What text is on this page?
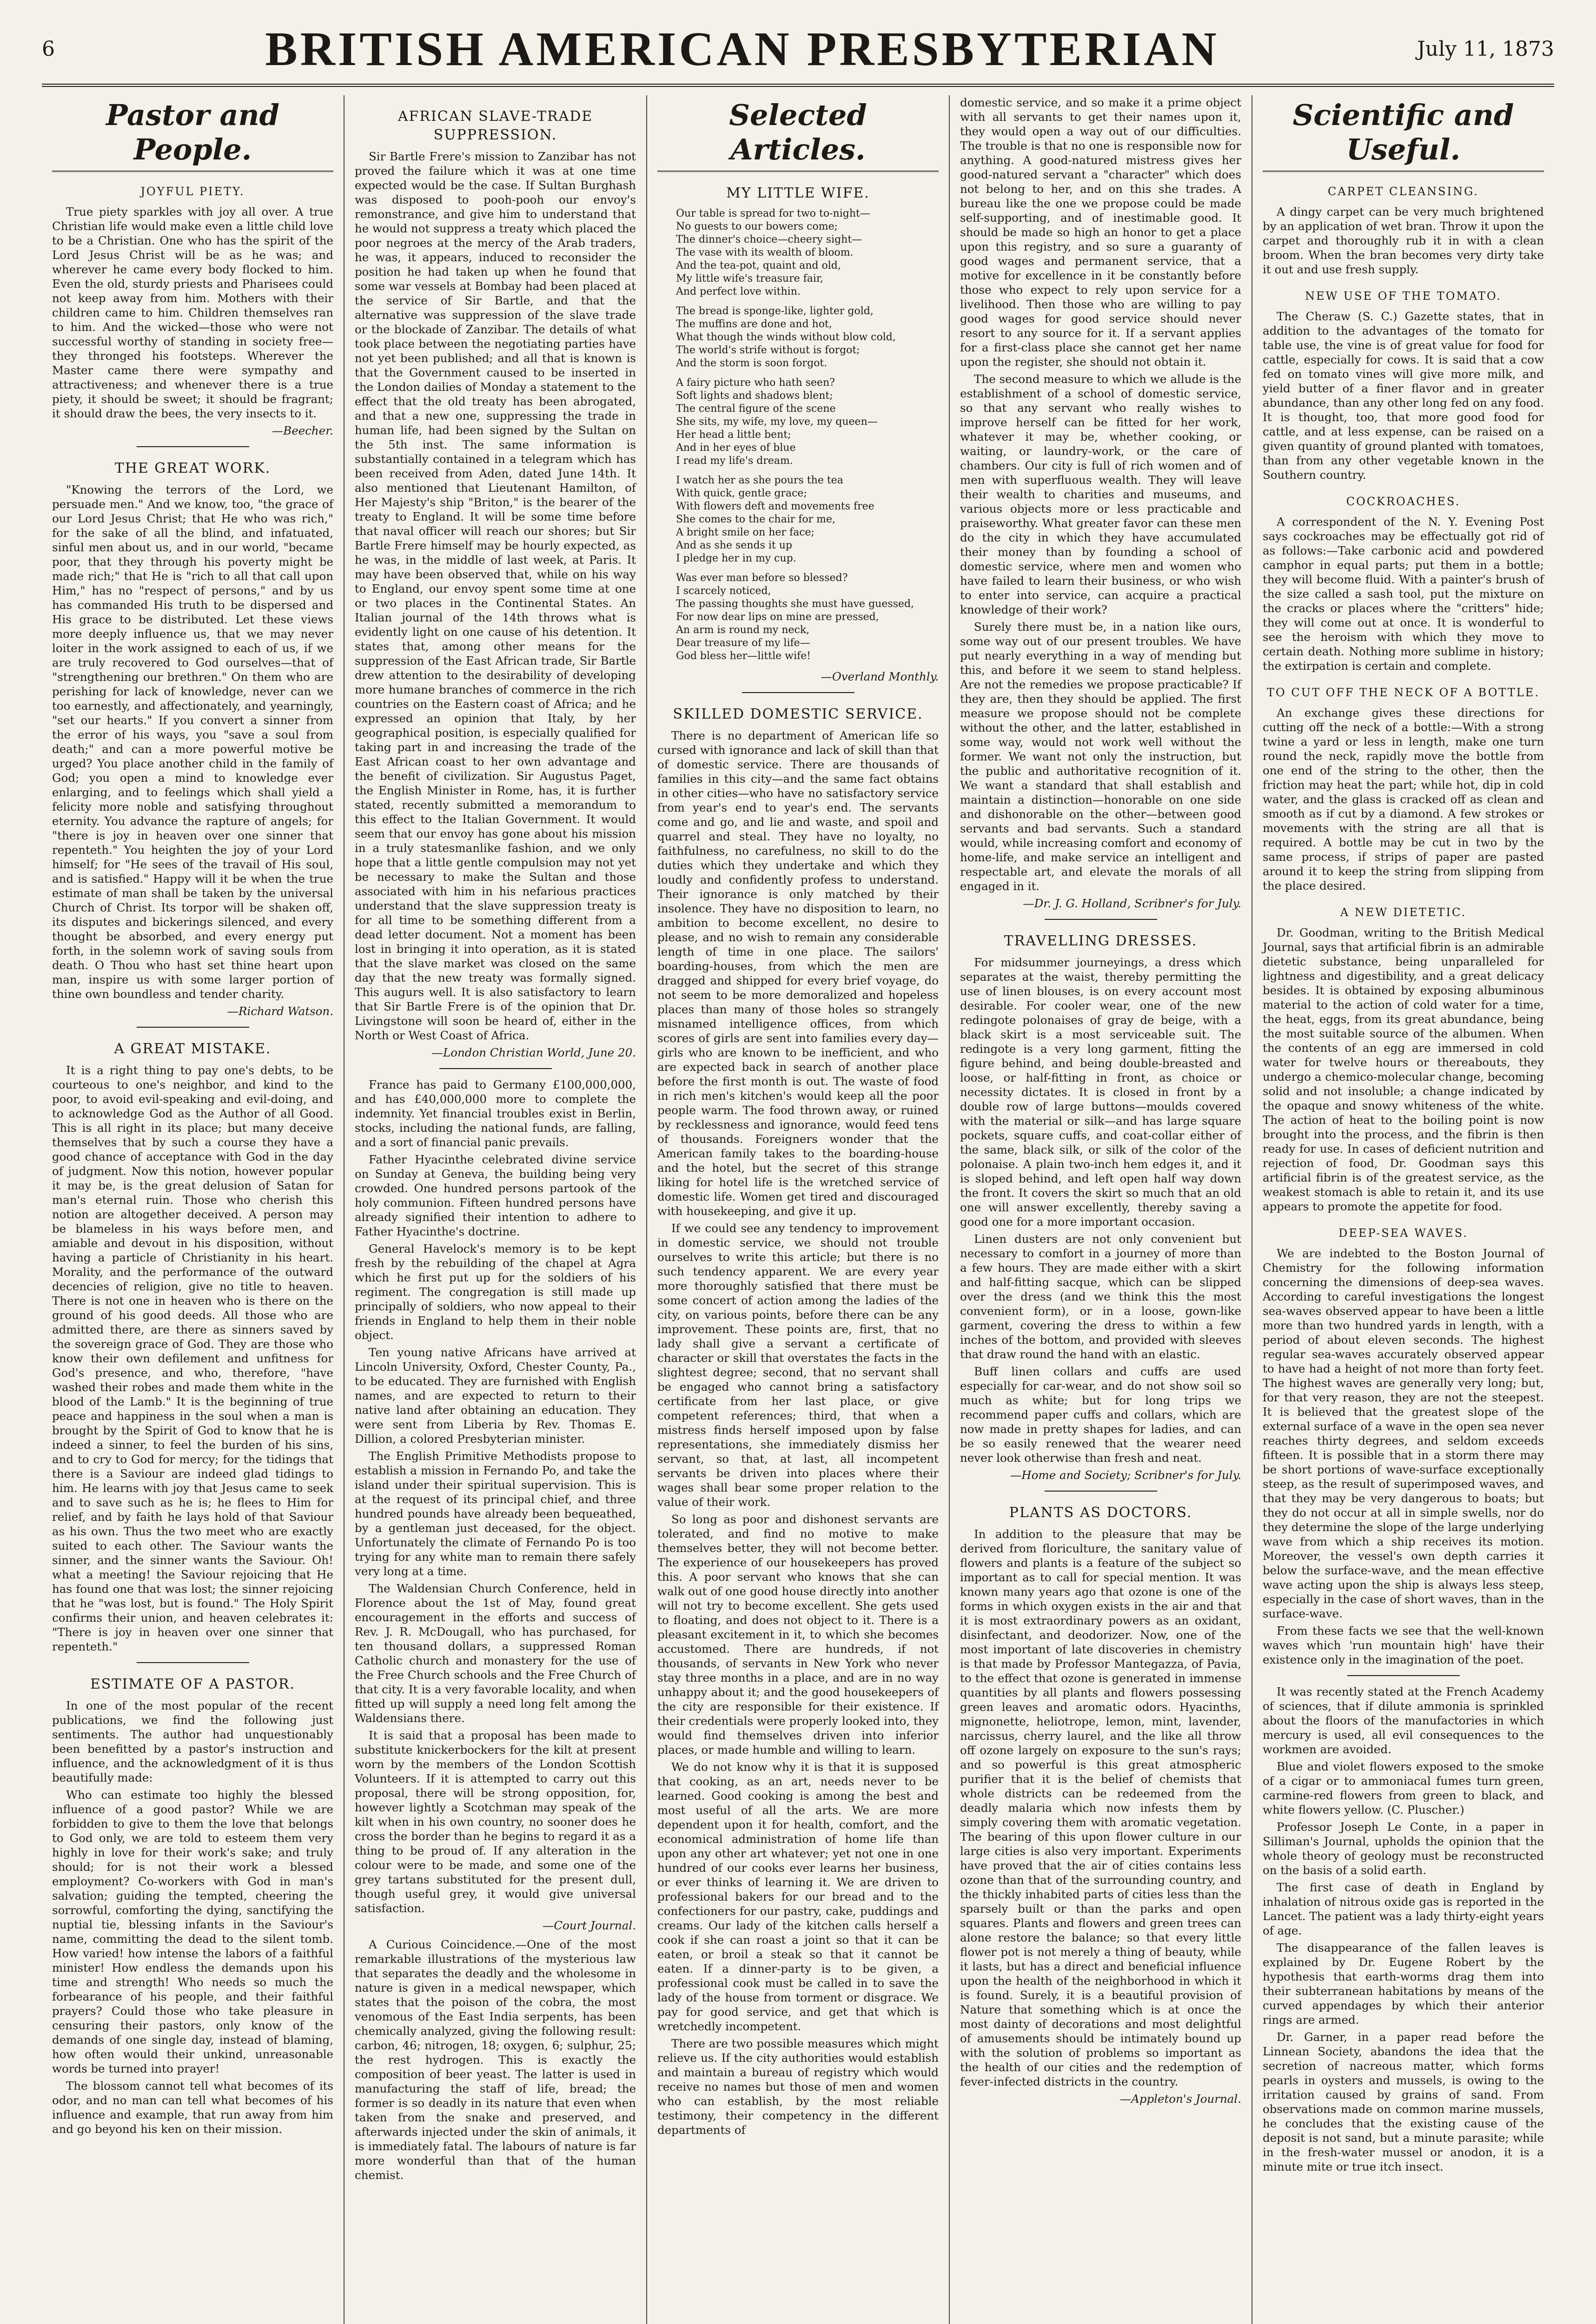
6	BRITISH AMERICAN PRESBYTERIAN	July 11, 1873
Pastor and People.
JOYFUL PIETY.

True piety sparkles with joy all over. A true Christian life would make even a little child love to be a Christian. One who has the spirit of the Lord Jesus Christ will be as he was; and wherever he came every body flocked to him. Even the old, sturdy priests and Pharisees could not keep away from him. Mothers with their children came to him. Children themselves ran to him. And the wicked—those who were not successful worthy of standing in society free—they thronged his footsteps. Wherever the Master came there were sympathy and attractiveness; and whenever there is a true piety, it should be sweet; it should be fragrant; it should draw the bees, the very insects to it.

—Beecher.
THE GREAT WORK.

"Knowing the terrors of the Lord, we persuade men." And we know, too, "the grace of our Lord Jesus Christ; that He who was rich," for the sake of all the blind, and infatuated, sinful men about us, and in our world, "became poor, that they through his poverty might be made rich;" that He is "rich to all that call upon Him," has no "respect of persons," and by us has commanded His truth to be dispersed and His grace to be distributed. Let these views more deeply influence us, that we may never loiter in the work assigned to each of us, if we are truly recovered to God ourselves—that of "strengthening our brethren." On them who are perishing for lack of knowledge, never can we too earnestly, and affectionately, and yearningly, "set our hearts." If you convert a sinner from the error of his ways, you "save a soul from death;" and can a more powerful motive be urged? You place another child in the family of God; you open a mind to knowledge ever enlarging, and to feelings which shall yield a felicity more noble and satisfying throughout eternity. You advance the rapture of angels; for "there is joy in heaven over one sinner that repenteth." You heighten the joy of your Lord himself; for "He sees of the travail of His soul, and is satisfied." Happy will it be when the true estimate of man shall be taken by the universal Church of Christ. Its torpor will be shaken off, its disputes and bickerings silenced, and every thought be absorbed, and every energy put forth, in the solemn work of saving souls from death. O Thou who hast set thine heart upon man, inspire us with some larger portion of thine own boundless and tender charity.

—Richard Watson.
A GREAT MISTAKE.

It is a right thing to pay one's debts, to be courteous to one's neighbor, and kind to the poor, to avoid evil-speaking and evil-doing, and to acknowledge God as the Author of all Good. This is all right in its place; but many deceive themselves that by such a course they have a good chance of acceptance with God in the day of judgment. Now this notion, however popular it may be, is the great delusion of Satan for man's eternal ruin. Those who cherish this notion are altogether deceived. A person may be blameless in his ways before men, and amiable and devout in his disposition, without having a particle of Christianity in his heart. Morality, and the performance of the outward decencies of religion, give no title to heaven. There is not one in heaven who is there on the ground of his good deeds. All those who are admitted there, are there as sinners saved by the sovereign grace of God. They are those who know their own defilement and unfitness for God's presence, and who, therefore, "have washed their robes and made them white in the blood of the Lamb." It is the beginning of true peace and happiness in the soul when a man is brought by the Spirit of God to know that he is indeed a sinner, to feel the burden of his sins, and to cry to God for mercy; for the tidings that there is a Saviour are indeed glad tidings to him. He learns with joy that Jesus came to seek and to save such as he is; he flees to Him for relief, and by faith he lays hold of that Saviour as his own. Thus the two meet who are exactly suited to each other. The Saviour wants the sinner, and the sinner wants the Saviour. Oh! what a meeting! the Saviour rejoicing that He has found one that was lost; the sinner rejoicing that he "was lost, but is found." The Holy Spirit confirms their union, and heaven celebrates it: "There is joy in heaven over one sinner that repenteth."

ESTIMATE OF A PASTOR.

In one of the most popular of the recent publications, we find the following just sentiments. The author had unquestionably been benefitted by a pastor's instruction and influence, and the acknowledgment of it is thus beautifully made:

Who can estimate too highly the blessed influence of a good pastor? While we are forbidden to give to them the love that belongs to God only, we are told to esteem them very highly in love for their work's sake; and truly should; for is not their work a blessed employment? Co-workers with God in man's salvation; guiding the tempted, cheering the sorrowful, comforting the dying, sanctifying the nuptial tie, blessing infants in the Saviour's name, committing the dead to the silent tomb. How varied! how intense the labors of a faithful minister! How endless the demands upon his time and strength! Who needs so much the forbearance of his people, and their faithful prayers? Could those who take pleasure in censuring their pastors, only know of the demands of one single day, instead of blaming, how often would their unkind, unreasonable words be turned into prayer!

The blossom cannot tell what becomes of its odor, and no man can tell what becomes of his influence and example, that run away from him and go beyond his ken on their mission.

AFRICAN SLAVE-TRADE SUPPRESSION.

Sir Bartle Frere's mission to Zanzibar has not proved the failure which it was at one time expected would be the case. If Sultan Burghash was disposed to pooh-pooh our envoy's remonstrance, and give him to understand that he would not suppress a treaty which placed the poor negroes at the mercy of the Arab traders, he was, it appears, induced to reconsider the position he had taken up when he found that some war vessels at Bombay had been placed at the service of Sir Bartle, and that the alternative was suppression of the slave trade or the blockade of Zanzibar. The details of what took place between the negotiating parties have not yet been published; and all that is known is that the Government caused to be inserted in the London dailies of Monday a statement to the effect that the old treaty has been abrogated, and that a new one, suppressing the trade in human life, had been signed by the Sultan on the 5th inst. The same information is substantially contained in a telegram which has been received from Aden, dated June 14th. It also mentioned that Lieutenant Hamilton, of Her Majesty's ship "Briton," is the bearer of the treaty to England. It will be some time before that naval officer will reach our shores; but Sir Bartle Frere himself may be hourly expected, as he was, in the middle of last week, at Paris. It may have been observed that, while on his way to England, our envoy spent some time at one or two places in the Continental States. An Italian journal of the 14th throws what is evidently light on one cause of his detention. It states that, among other means for the suppression of the East African trade, Sir Bartle drew attention to the desirability of developing more humane branches of commerce in the rich countries on the Eastern coast of Africa; and he expressed an opinion that Italy, by her geographical position, is especially qualified for taking part in and increasing the trade of the East African coast to her own advantage and the benefit of civilization. Sir Augustus Paget, the English Minister in Rome, has, it is further stated, recently submitted a memorandum to this effect to the Italian Government. It would seem that our envoy has gone about his mission in a truly statesmanlike fashion, and we only hope that a little gentle compulsion may not yet be necessary to make the Sultan and those associated with him in his nefarious practices understand that the slave suppression treaty is for all time to be something different from a dead letter document. Not a moment has been lost in bringing it into operation, as it is stated that the slave market was closed on the same day that the new treaty was formally signed. This augurs well. It is also satisfactory to learn that Sir Bartle Frere is of the opinion that Dr. Livingstone will soon be heard of, either in the North or West Coast of Africa.

—London Christian World, June 20.

France has paid to Germany £100,000,000, and has £40,000,000 more to complete the indemnity. Yet financial troubles exist in Berlin, stocks, including the national funds, are falling, and a sort of financial panic prevails.

Father Hyacinthe celebrated divine service on Sunday at Geneva, the building being very crowded. One hundred persons partook of the holy communion. Fifteen hundred persons have already signified their intention to adhere to Father Hyacinthe's doctrine.

General Havelock's memory is to be kept fresh by the rebuilding of the chapel at Agra which he first put up for the soldiers of his regiment. The congregation is still made up principally of soldiers, who now appeal to their friends in England to help them in their noble object.

Ten young native Africans have arrived at Lincoln University, Oxford, Chester County, Pa., to be educated. They are furnished with English names, and are expected to return to their native land after obtaining an education. They were sent from Liberia by Rev. Thomas E. Dillion, a colored Presbyterian minister.

The English Primitive Methodists propose to establish a mission in Fernando Po, and take the island under their spiritual supervision. This is at the request of its principal chief, and three hundred pounds have already been bequeathed, by a gentleman just deceased, for the object. Unfortunately the climate of Fernando Po is too trying for any white man to remain there safely very long at a time.

The Waldensian Church Conference, held in Florence about the 1st of May, found great encouragement in the efforts and success of Rev. J. R. McDougall, who has purchased, for ten thousand dollars, a suppressed Roman Catholic church and monastery for the use of the Free Church schools and the Free Church of that city. It is a very favorable locality, and when fitted up will supply a need long felt among the Waldensians there.

It is said that a proposal has been made to substitute knickerbockers for the kilt at present worn by the members of the London Scottish Volunteers. If it is attempted to carry out this proposal, there will be strong opposition, for, however lightly a Scotchman may speak of the kilt when in his own country, no sooner does he cross the border than he begins to regard it as a thing to be proud of. If any alteration in the colour were to be made, and some one of the grey tartans substituted for the present dull, though useful grey, it would give universal satisfaction.

—Court Journal.

A Curious Coincidence.—One of the most remarkable illustrations of the mysterious law that separates the deadly and the wholesome in nature is given in a medical newspaper, which states that the poison of the cobra, the most venomous of the East India serpents, has been chemically analyzed, giving the following result: carbon, 46; nitrogen, 18; oxygen, 6; sulphur, 25; the rest hydrogen. This is exactly the composition of beer yeast. The latter is used in manufacturing the staff of life, bread; the former is so deadly in its nature that even when taken from the snake and preserved, and afterwards injected under the skin of animals, it is immediately fatal. The labours of nature is far more wonderful than that of the human chemist.

Selected Articles.
MY LITTLE WIFE.
Our table is spread for two to-night—
No guests to our bowers come;
The dinner's choice—cheery sight—
The vase with its wealth of bloom.
And the tea-pot, quaint and old,
My little wife's treasure fair,
And perfect love within.
The bread is sponge-like, lighter gold,
The muffins are done and hot,
What though the winds without blow cold,
The world's strife without is forgot;
And the storm is soon forgot.
A fairy picture who hath seen?
Soft lights and shadows blent;
The central figure of the scene
She sits, my wife, my love, my queen—
Her head a little bent;
And in her eyes of blue
I read my life's dream.
I watch her as she pours the tea
With quick, gentle grace;
With flowers deft and movements free
She comes to the chair for me,
A bright smile on her face;
And as she sends it up
I pledge her in my cup.
Was ever man before so blessed?
I scarcely noticed,
The passing thoughts she must have guessed,
For now dear lips on mine are pressed,
An arm is round my neck,
Dear treasure of my life—
God bless her—little wife!
—Overland Monthly.
SKILLED DOMESTIC SERVICE.

There is no department of American life so cursed with ignorance and lack of skill than that of domestic service. There are thousands of families in this city—and the same fact obtains in other cities—who have no satisfactory service from year's end to year's end. The servants come and go, and lie and waste, and spoil and quarrel and steal. They have no loyalty, no faithfulness, no carefulness, no skill to do the duties which they undertake and which they loudly and confidently profess to understand. Their ignorance is only matched by their insolence. They have no disposition to learn, no ambition to become excellent, no desire to please, and no wish to remain any considerable length of time in one place. The sailors' boarding-houses, from which the men are dragged and shipped for every brief voyage, do not seem to be more demoralized and hopeless places than many of those holes so strangely misnamed intelligence offices, from which scores of girls are sent into families every day—girls who are known to be inefficient, and who are expected back in search of another place before the first month is out. The waste of food in rich men's kitchen's would keep all the poor people warm. The food thrown away, or ruined by recklessness and ignorance, would feed tens of thousands. Foreigners wonder that the American family takes to the boarding-house and the hotel, but the secret of this strange liking for hotel life is the wretched service of domestic life. Women get tired and discouraged with housekeeping, and give it up.

If we could see any tendency to improvement in domestic service, we should not trouble ourselves to write this article; but there is no such tendency apparent. We are every year more thoroughly satisfied that there must be some concert of action among the ladies of the city, on various points, before there can be any improvement. These points are, first, that no lady shall give a servant a certificate of character or skill that overstates the facts in the slightest degree; second, that no servant shall be engaged who cannot bring a satisfactory certificate from her last place, or give competent references; third, that when a mistress finds herself imposed upon by false representations, she immediately dismiss her servant, so that, at last, all incompetent servants be driven into places where their wages shall bear some proper relation to the value of their work.

So long as poor and dishonest servants are tolerated, and find no motive to make themselves better, they will not become better. The experience of our housekeepers has proved this. A poor servant who knows that she can walk out of one good house directly into another will not try to become excellent. She gets used to floating, and does not object to it. There is a pleasant excitement in it, to which she becomes accustomed. There are hundreds, if not thousands, of servants in New York who never stay three months in a place, and are in no way unhappy about it; and the good housekeepers of the city are responsible for their existence. If their credentials were properly looked into, they would find themselves driven into inferior places, or made humble and willing to learn.

We do not know why it is that it is supposed that cooking, as an art, needs never to be learned. Good cooking is among the best and most useful of all the arts. We are more dependent upon it for health, comfort, and the economical administration of home life than upon any other art whatever; yet not one in one hundred of our cooks ever learns her business, or ever thinks of learning it. We are driven to professional bakers for our bread and to the confectioners for our pastry, cake, puddings and creams. Our lady of the kitchen calls herself a cook if she can roast a joint so that it can be eaten, or broil a steak so that it cannot be eaten. If a dinner-party is to be given, a professional cook must be called in to save the lady of the house from torment or disgrace. We pay for good service, and get that which is wretchedly incompetent.

There are two possible measures which might relieve us. If the city authorities would establish and maintain a bureau of registry which would receive no names but those of men and women who can establish, by the most reliable testimony, their competency in the different departments of

domestic service, and so make it a prime object with all servants to get their names upon it, they would open a way out of our difficulties. The trouble is that no one is responsible now for anything. A good-natured mistress gives her good-natured servant a "character" which does not belong to her, and on this she trades. A bureau like the one we propose could be made self-supporting, and of inestimable good. It should be made so high an honor to get a place upon this registry, and so sure a guaranty of good wages and permanent service, that a motive for excellence in it be constantly before those who expect to rely upon service for a livelihood. Then those who are willing to pay good wages for good service should never resort to any source for it. If a servant applies for a first-class place she cannot get her name upon the register, she should not obtain it.

The second measure to which we allude is the establishment of a school of domestic service, so that any servant who really wishes to improve herself can be fitted for her work, whatever it may be, whether cooking, or waiting, or laundry-work, or the care of chambers. Our city is full of rich women and of men with superfluous wealth. They will leave their wealth to charities and museums, and various objects more or less practicable and praiseworthy. What greater favor can these men do the city in which they have accumulated their money than by founding a school of domestic service, where men and women who have failed to learn their business, or who wish to enter into service, can acquire a practical knowledge of their work?

Surely there must be, in a nation like ours, some way out of our present troubles. We have put nearly everything in a way of mending but this, and before it we seem to stand helpless. Are not the remedies we propose practicable? If they are, then they should be applied. The first measure we propose should not be complete without the other, and the latter, established in some way, would not work well without the former. We want not only the instruction, but the public and authoritative recognition of it. We want a standard that shall establish and maintain a distinction—honorable on one side and dishonorable on the other—between good servants and bad servants. Such a standard would, while increasing comfort and economy of home-life, and make service an intelligent and respectable art, and elevate the morals of all engaged in it.

—Dr. J. G. Holland, Scribner's for July.
TRAVELLING DRESSES.

For midsummer journeyings, a dress which separates at the waist, thereby permitting the use of linen blouses, is on every account most desirable. For cooler wear, one of the new redingote polonaises of gray de beige, with a black skirt is a most serviceable suit. The redingote is a very long garment, fitting the figure behind, and being double-breasted and loose, or half-fitting in front, as choice or necessity dictates. It is closed in front by a double row of large buttons—moulds covered with the material or silk—and has large square pockets, square cuffs, and coat-collar either of the same, black silk, or silk of the color of the polonaise. A plain two-inch hem edges it, and it is sloped behind, and left open half way down the front. It covers the skirt so much that an old one will answer excellently, thereby saving a good one for a more important occasion.

Linen dusters are not only convenient but necessary to comfort in a journey of more than a few hours. They are made either with a skirt and half-fitting sacque, which can be slipped over the dress (and we think this the most convenient form), or in a loose, gown-like garment, covering the dress to within a few inches of the bottom, and provided with sleeves that draw round the hand with an elastic.

Buff linen collars and cuffs are used especially for car-wear, and do not show soil so much as white; but for long trips we recommend paper cuffs and collars, which are now made in pretty shapes for ladies, and can be so easily renewed that the wearer need never look otherwise than fresh and neat.

—Home and Society; Scribner's for July.
PLANTS AS DOCTORS.

In addition to the pleasure that may be derived from floriculture, the sanitary value of flowers and plants is a feature of the subject so important as to call for special mention. It was known many years ago that ozone is one of the forms in which oxygen exists in the air and that it is most extraordinary powers as an oxidant, disinfectant, and deodorizer. Now, one of the most important of late discoveries in chemistry is that made by Professor Mantegazza, of Pavia, to the effect that ozone is generated in immense quantities by all plants and flowers possessing green leaves and aromatic odors. Hyacinths, mignonette, heliotrope, lemon, mint, lavender, narcissus, cherry laurel, and the like all throw off ozone largely on exposure to the sun's rays; and so powerful is this great atmospheric purifier that it is the belief of chemists that whole districts can be redeemed from the deadly malaria which now infests them by simply covering them with aromatic vegetation. The bearing of this upon flower culture in our large cities is also very important. Experiments have proved that the air of cities contains less ozone than that of the surrounding country, and the thickly inhabited parts of cities less than the sparsely built or than the parks and open squares. Plants and flowers and green trees can alone restore the balance; so that every little flower pot is not merely a thing of beauty, while it lasts, but has a direct and beneficial influence upon the health of the neighborhood in which it is found. Surely, it is a beautiful provision of Nature that something which is at once the most dainty of decorations and most delightful of amusements should be intimately bound up with the solution of problems so important as the health of our cities and the redemption of fever-infected districts in the country.

—Appleton's Journal.
Scientific and Useful.
CARPET CLEANSING.

A dingy carpet can be very much brightened by an application of wet bran. Throw it upon the carpet and thoroughly rub it in with a clean broom. When the bran becomes very dirty take it out and use fresh supply.

NEW USE OF THE TOMATO.

The Cheraw (S. C.) Gazette states, that in addition to the advantages of the tomato for table use, the vine is of great value for food for cattle, especially for cows. It is said that a cow fed on tomato vines will give more milk, and yield butter of a finer flavor and in greater abundance, than any other long fed on any food. It is thought, too, that more good food for cattle, and at less expense, can be raised on a given quantity of ground planted with tomatoes, than from any other vegetable known in the Southern country.

COCKROACHES.

A correspondent of the N. Y. Evening Post says cockroaches may be effectually got rid of as follows:—Take carbonic acid and powdered camphor in equal parts; put them in a bottle; they will become fluid. With a painter's brush of the size called a sash tool, put the mixture on the cracks or places where the "critters" hide; they will come out at once. It is wonderful to see the heroism with which they move to certain death. Nothing more sublime in history; the extirpation is certain and complete.

TO CUT OFF THE NECK OF A BOTTLE.

An exchange gives these directions for cutting off the neck of a bottle:—With a strong twine a yard or less in length, make one turn round the neck, rapidly move the bottle from one end of the string to the other, then the friction may heat the part; while hot, dip in cold water, and the glass is cracked off as clean and smooth as if cut by a diamond. A few strokes or movements with the string are all that is required. A bottle may be cut in two by the same process, if strips of paper are pasted around it to keep the string from slipping from the place desired.

A NEW DIETETIC.

Dr. Goodman, writing to the British Medical Journal, says that artificial fibrin is an admirable dietetic substance, being unparalleled for lightness and digestibility, and a great delicacy besides. It is obtained by exposing albuminous material to the action of cold water for a time, the heat, eggs, from its great abundance, being the most suitable source of the albumen. When the contents of an egg are immersed in cold water for twelve hours or thereabouts, they undergo a chemico-molecular change, becoming solid and not insoluble; a change indicated by the opaque and snowy whiteness of the white. The action of heat to the boiling point is now brought into the process, and the fibrin is then ready for use. In cases of deficient nutrition and rejection of food, Dr. Goodman says this artificial fibrin is of the greatest service, as the weakest stomach is able to retain it, and its use appears to promote the appetite for food.

DEEP-SEA WAVES.

We are indebted to the Boston Journal of Chemistry for the following information concerning the dimensions of deep-sea waves. According to careful investigations the longest sea-waves observed appear to have been a little more than two hundred yards in length, with a period of about eleven seconds. The highest regular sea-waves accurately observed appear to have had a height of not more than forty feet. The highest waves are generally very long; but, for that very reason, they are not the steepest. It is believed that the greatest slope of the external surface of a wave in the open sea never reaches thirty degrees, and seldom exceeds fifteen. It is possible that in a storm there may be short portions of wave-surface exceptionally steep, as the result of superimposed waves, and that they may be very dangerous to boats; but they do not occur at all in simple swells, nor do they determine the slope of the large underlying wave from which a ship receives its motion. Moreover, the vessel's own depth carries it below the surface-wave, and the mean effective wave acting upon the ship is always less steep, especially in the case of short waves, than in the surface-wave.

From these facts we see that the well-known waves which 'run mountain high' have their existence only in the imagination of the poet.

It was recently stated at the French Academy of sciences, that if dilute ammonia is sprinkled about the floors of the manufactories in which mercury is used, all evil consequences to the workmen are avoided.

Blue and violet flowers exposed to the smoke of a cigar or to ammoniacal fumes turn green, carmine-red flowers from green to black, and white flowers yellow. (C. Pluscher.)

Professor Joseph Le Conte, in a paper in Silliman's Journal, upholds the opinion that the whole theory of geology must be reconstructed on the basis of a solid earth.

The first case of death in England by inhalation of nitrous oxide gas is reported in the Lancet. The patient was a lady thirty-eight years of age.

The disappearance of the fallen leaves is explained by Dr. Eugene Robert by the hypothesis that earth-worms drag them into their subterranean habitations by means of the curved appendages by which their anterior rings are armed.

Dr. Garner, in a paper read before the Linnean Society, abandons the idea that the secretion of nacreous matter, which forms pearls in oysters and mussels, is owing to the irritation caused by grains of sand. From observations made on common marine mussels, he concludes that the existing cause of the deposit is not sand, but a minute parasite; while in the fresh-water mussel or anodon, it is a minute mite or true itch insect.
